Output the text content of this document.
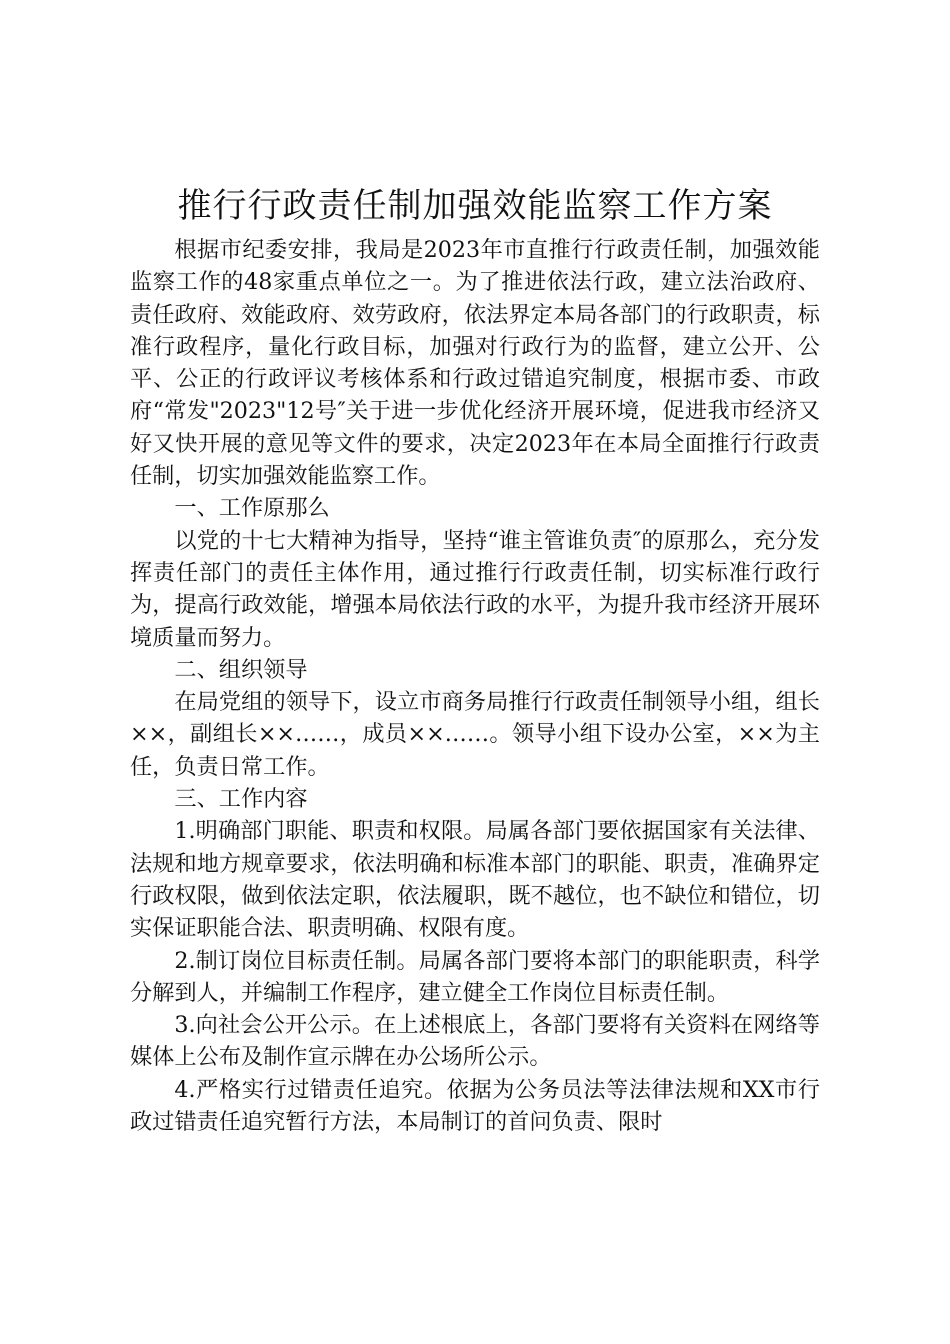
推行行政责任制加强效能监察工作方案

根据市纪委安排，我局是2023年市直推行行政责任制，加强效能监察工作的48家重点单位之一。为了推进依法行政，建立法治政府、责任政府、效能政府、效劳政府，依法界定本局各部门的行政职责，标准行政程序，量化行政目标，加强对行政行为的监督，建立公开、公平、公正的行政评议考核体系和行政过错追究制度，根据市委、市政府“常发"2023"12号″关于进一步优化经济开展环境，促进我市经济又好又快开展的意见等文件的要求，决定2023年在本局全面推行行政责任制，切实加强效能监察工作。

一、工作原那么

以党的十七大精神为指导，坚持“谁主管谁负责″的原那么，充分发挥责任部门的责任主体作用，通过推行行政责任制，切实标准行政行为，提高行政效能，增强本局依法行政的水平，为提升我市经济开展环境质量而努力。

二、组织领导

在局党组的领导下，设立市商务局推行行政责任制领导小组，组长××，副组长××……，成员××……。领导小组下设办公室，××为主任，负责日常工作。

三、工作内容

1.明确部门职能、职责和权限。局属各部门要依据国家有关法律、法规和地方规章要求，依法明确和标准本部门的职能、职责，准确界定行政权限，做到依法定职，依法履职，既不越位，也不缺位和错位，切实保证职能合法、职责明确、权限有度。

2.制订岗位目标责任制。局属各部门要将本部门的职能职责，科学分解到人，并编制工作程序，建立健全工作岗位目标责任制。

3.向社会公开公示。在上述根底上，各部门要将有关资料在网络等媒体上公布及制作宣示牌在办公场所公示。

4.严格实行过错责任追究。依据为公务员法等法律法规和XX市行政过错责任追究暂行方法，本局制订的首问负责、限时
